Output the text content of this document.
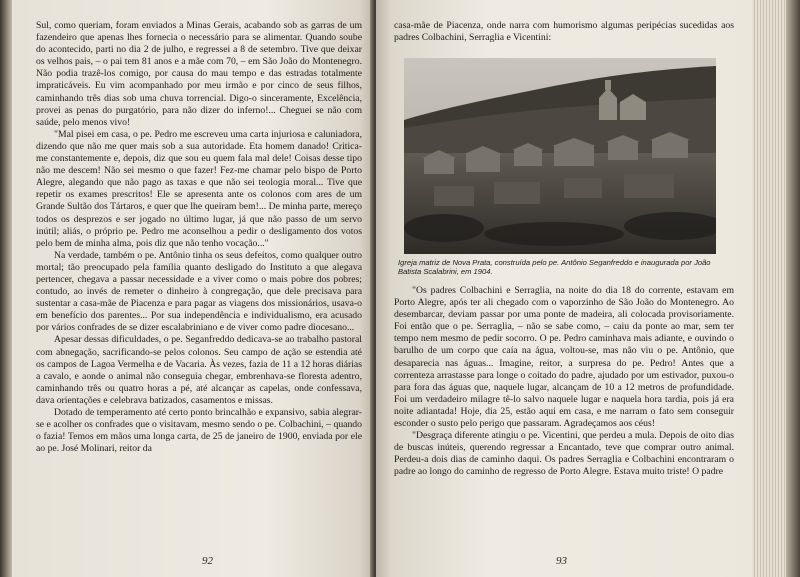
Sul, como queriam, foram enviados a Minas Gerais, acabando sob as garras de um fazendeiro que apenas lhes fornecia o necessário para se alimentar. Quando soube do acontecido, parti no dia 2 de julho, e regressei a 8 de setembro. Tive que deixar os velhos pais, – o pai tem 81 anos e a mãe com 70, – em São João do Montenegro. Não podia trazê-los comigo, por causa do mau tempo e das estradas totalmente impraticáveis. Eu vim acompanhado por meu irmão e por cinco de seus filhos, caminhando três dias sob uma chuva torrencial. Digo-o sinceramente, Excelência, provei as penas do purgatório, para não dizer do inferno!... Cheguei se não com saúde, pelo menos vivo!

"Mal pisei em casa, o pe. Pedro me escreveu uma carta injuriosa e caluniadora, dizendo que não me quer mais sob a sua autoridade. Eta homem danado! Critica-me constantemente e, depois, diz que sou eu quem fala mal dele! Coisas desse tipo não me descem! Não sei mesmo o que fazer! Fez-me chamar pelo bispo de Porto Alegre, alegando que não pago as taxas e que não sei teologia moral... Tive que repetir os exames prescritos! Ele se apresenta ante os colonos com ares de um Grande Sultão dos Tártaros, e quer que lhe queiram bem!... De minha parte, mereço todos os desprezos e ser jogado no último lugar, já que não passo de um servo inútil; aliás, o próprio pe. Pedro me aconselhou a pedir o desligamento dos votos pelo bem de minha alma, pois diz que não tenho vocação..."

Na verdade, também o pe. Antônio tinha os seus defeitos, como qualquer outro mortal; tão preocupado pela família quanto desligado do Instituto a que alegava pertencer, chegava a passar necessidade e a viver como o mais pobre dos pobres; contudo, ao invés de remeter o dinheiro à congregação, que dele precisava para sustentar a casa-mãe de Piacenza e para pagar as viagens dos missionários, usava-o em benefício dos parentes... Por sua independência e individualismo, era acusado por vários confrades de se dizer escalabriniano e de viver como padre diocesano...

Apesar dessas dificuldades, o pe. Seganfreddo dedicava-se ao trabalho pastoral com abnegação, sacrificando-se pelos colonos. Seu campo de ação se estendia até os campos de Lagoa Vermelha e de Vacaria. Às vezes, fazia de 11 a 12 horas diárias a cavalo, e aonde o animal não conseguia chegar, embrenhava-se floresta adentro, caminhando três ou quatro horas a pé, até alcançar as capelas, onde confessava, dava orientações e celebrava batizados, casamentos e missas.

Dotado de temperamento até certo ponto brincalhão e expansivo, sabia alegrar-se e acolher os confrades que o visitavam, mesmo sendo o pe. Colbachini, – quando o fazia! Temos em mãos uma longa carta, de 25 de janeiro de 1900, enviada por ele ao pe. José Molinari, reitor da

92

casa-mãe de Piacenza, onde narra com humorismo algumas peripécias sucedidas aos padres Colbachini, Serraglia e Vicentini:

Igreja matriz de Nova Prata, construída pelo pe. Antônio Seganfreddo e inaugurada por João Batista Scalabrini, em 1904.

"Os padres Colbachini e Serraglia, na noite do dia 18 do corrente, estavam em Porto Alegre, após ter ali chegado com o vaporzinho de São João do Montenegro. Ao desembarcar, deviam passar por uma ponte de madeira, ali colocada provisoriamente. Foi então que o pe. Serraglia, – não se sabe como, – caiu da ponte ao mar, sem ter tempo nem mesmo de pedir socorro. O pe. Pedro caminhava mais adiante, e ouvindo o barulho de um corpo que caía na água, voltou-se, mas não viu o pe. Antônio, que desaparecia nas águas... Imagine, reitor, a surpresa do pe. Pedro! Antes que a correnteza arrastasse para longe o coitado do padre, ajudado por um estivador, puxou-o para fora das águas que, naquele lugar, alcançam de 10 a 12 metros de profundidade. Foi um verdadeiro milagre tê-lo salvo naquele lugar e naquela hora tardia, pois já era noite adiantada! Hoje, dia 25, estão aqui em casa, e me narram o fato sem conseguir esconder o susto pelo perigo que passaram. Agradeçamos aos céus!

"Desgraça diferente atingiu o pe. Vicentini, que perdeu a mula. Depois de oito dias de buscas inúteis, querendo regressar a Encantado, teve que comprar outro animal. Perdeu-a dois dias de caminho daqui. Os padres Serraglia e Colbachini encontraram o padre ao longo do caminho de regresso de Porto Alegre. Estava muito triste! O padre

93
